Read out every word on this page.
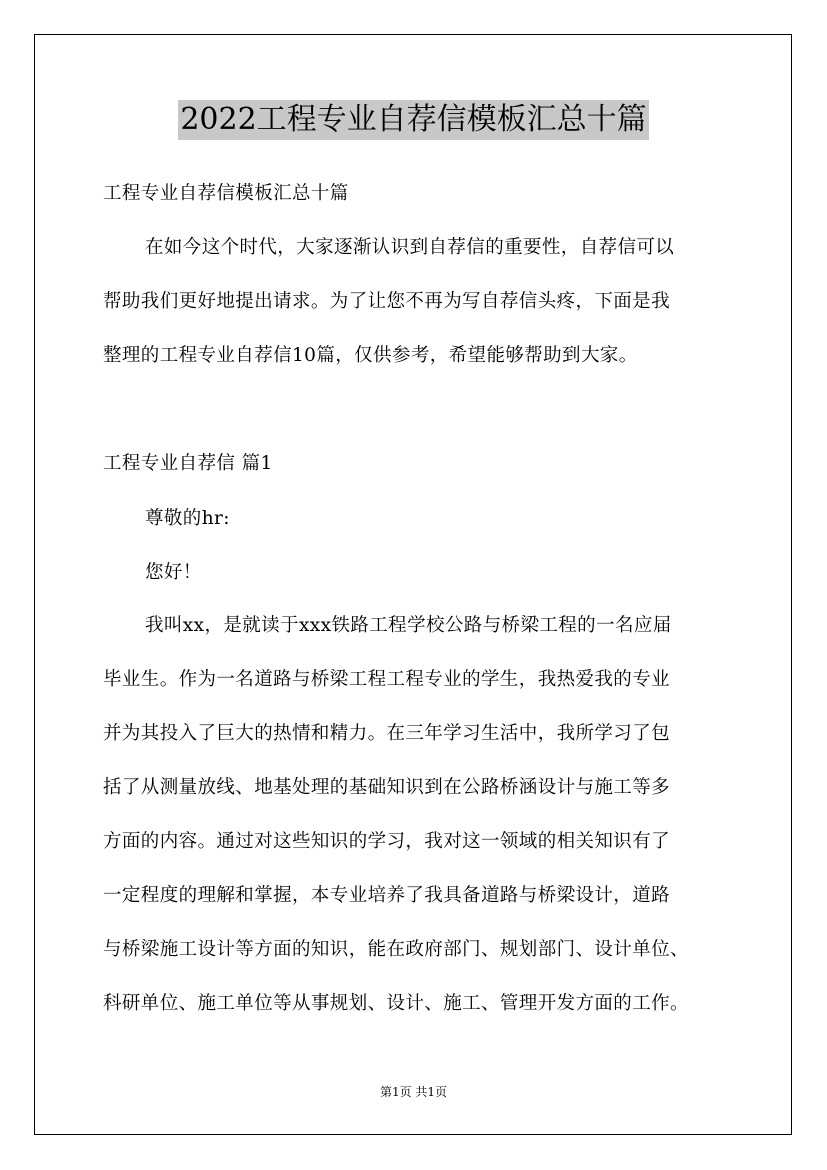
2022工程专业自荐信模板汇总十篇
工程专业自荐信模板汇总十篇
在如今这个时代，大家逐渐认识到自荐信的重要性，自荐信可以
帮助我们更好地提出请求。为了让您不再为写自荐信头疼，下面是我
整理的工程专业自荐信10篇，仅供参考，希望能够帮助到大家。
工程专业自荐信 篇1
尊敬的hr:
您好！
我叫xx，是就读于xxx铁路工程学校公路与桥梁工程的一名应届
毕业生。作为一名道路与桥梁工程工程专业的学生，我热爱我的专业
并为其投入了巨大的热情和精力。在三年学习生活中，我所学习了包
括了从测量放线、地基处理的基础知识到在公路桥涵设计与施工等多
方面的内容。通过对这些知识的学习，我对这一领域的相关知识有了
一定程度的理解和掌握，本专业培养了我具备道路与桥梁设计，道路
与桥梁施工设计等方面的知识，能在政府部门、规划部门、设计单位、
科研单位、施工单位等从事规划、设计、施工、管理开发方面的工作。
第1页 共1页
